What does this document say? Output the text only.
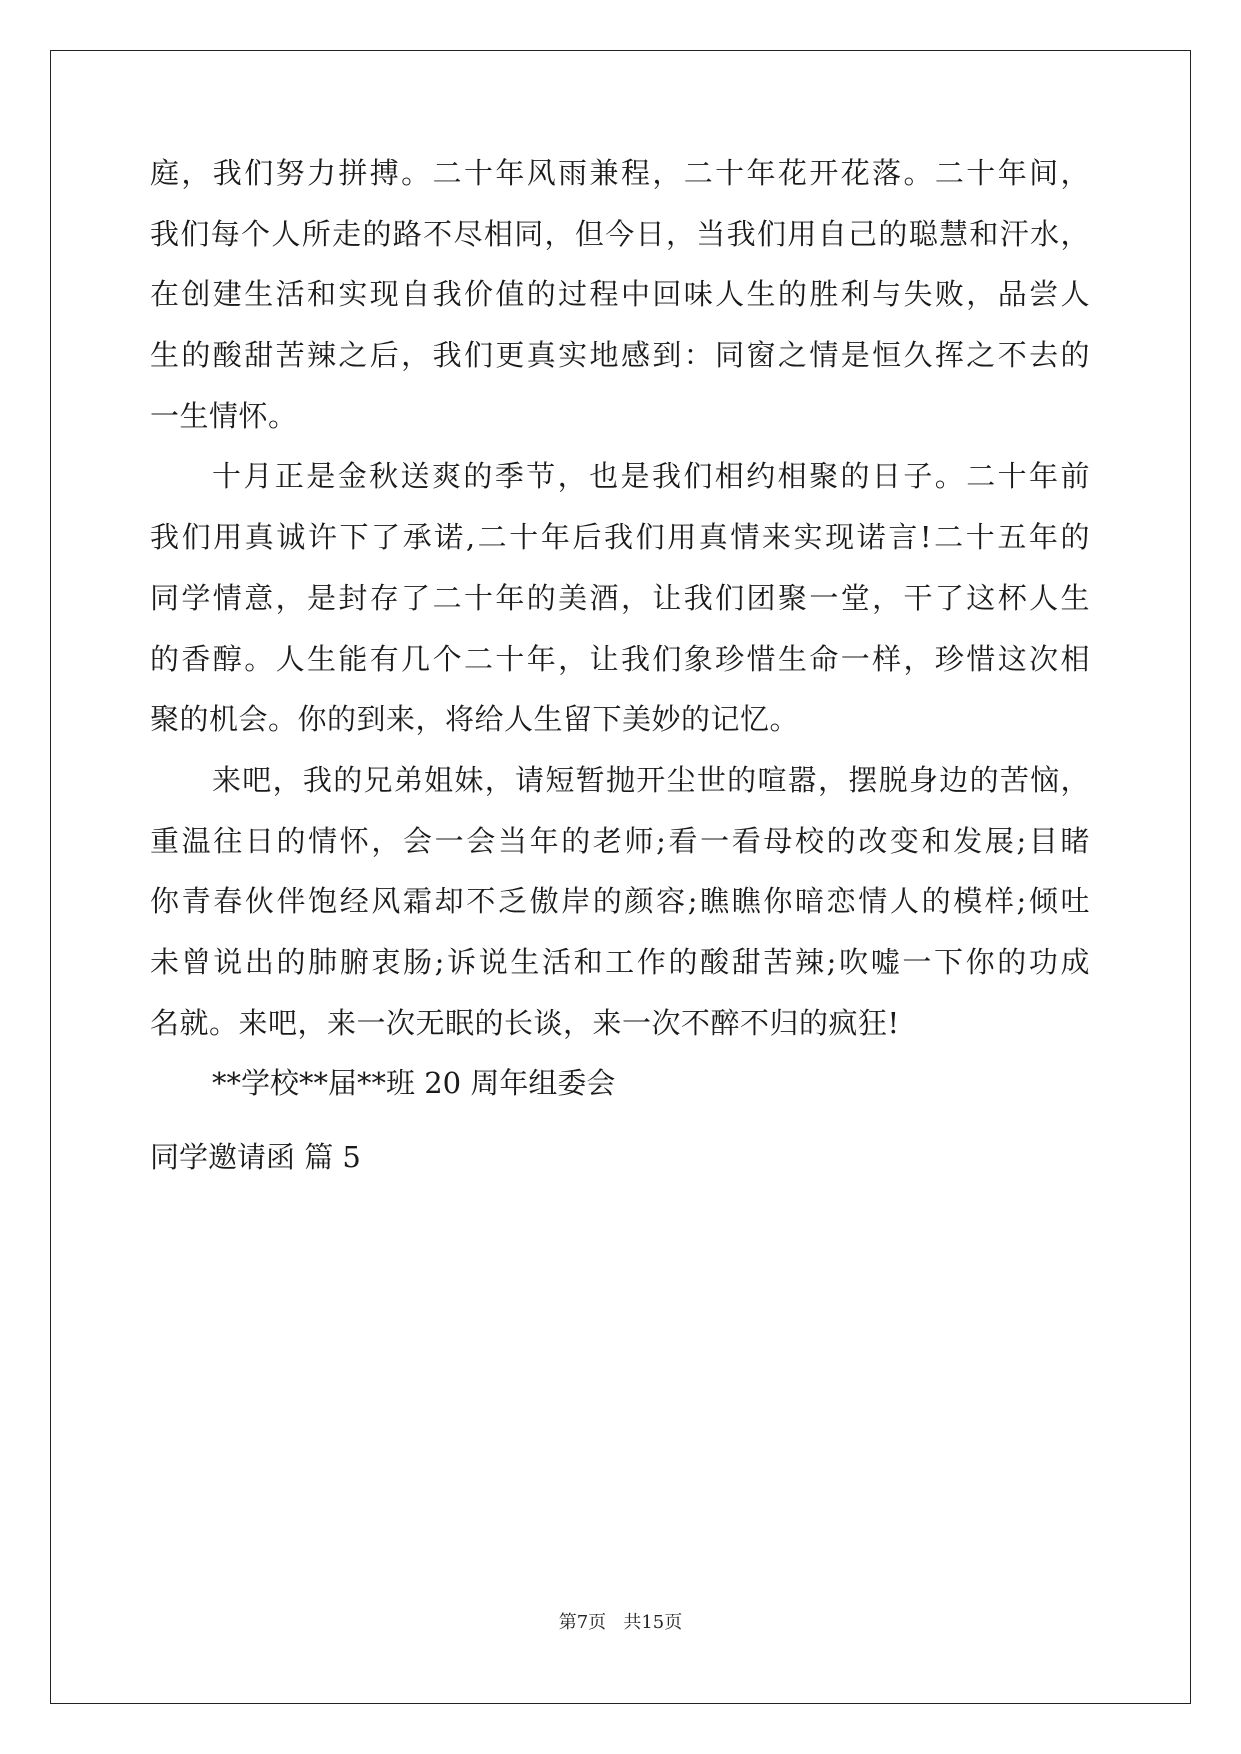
庭，我们努力拼搏。二十年风雨兼程，二十年花开花落。二十年间，
我们每个人所走的路不尽相同，但今日，当我们用自己的聪慧和汗水，
在创建生活和实现自我价值的过程中回味人生的胜利与失败，品尝人
生的酸甜苦辣之后，我们更真实地感到：同窗之情是恒久挥之不去的
一生情怀。
十月正是金秋送爽的季节，也是我们相约相聚的日子。二十年前
我们用真诚许下了承诺,二十年后我们用真情来实现诺言!二十五年的
同学情意，是封存了二十年的美酒，让我们团聚一堂，干了这杯人生
的香醇。人生能有几个二十年，让我们象珍惜生命一样，珍惜这次相
聚的机会。你的到来，将给人生留下美妙的记忆。
来吧，我的兄弟姐妹，请短暂抛开尘世的喧嚣，摆脱身边的苦恼，
重温往日的情怀，会一会当年的老师;看一看母校的改变和发展;目睹
你青春伙伴饱经风霜却不乏傲岸的颜容;瞧瞧你暗恋情人的模样;倾吐
未曾说出的肺腑衷肠;诉说生活和工作的酸甜苦辣;吹嘘一下你的功成
名就。来吧，来一次无眠的长谈，来一次不醉不归的疯狂!
**学校**届**班 20 周年组委会
同学邀请函 篇 5
第7页   共15页
